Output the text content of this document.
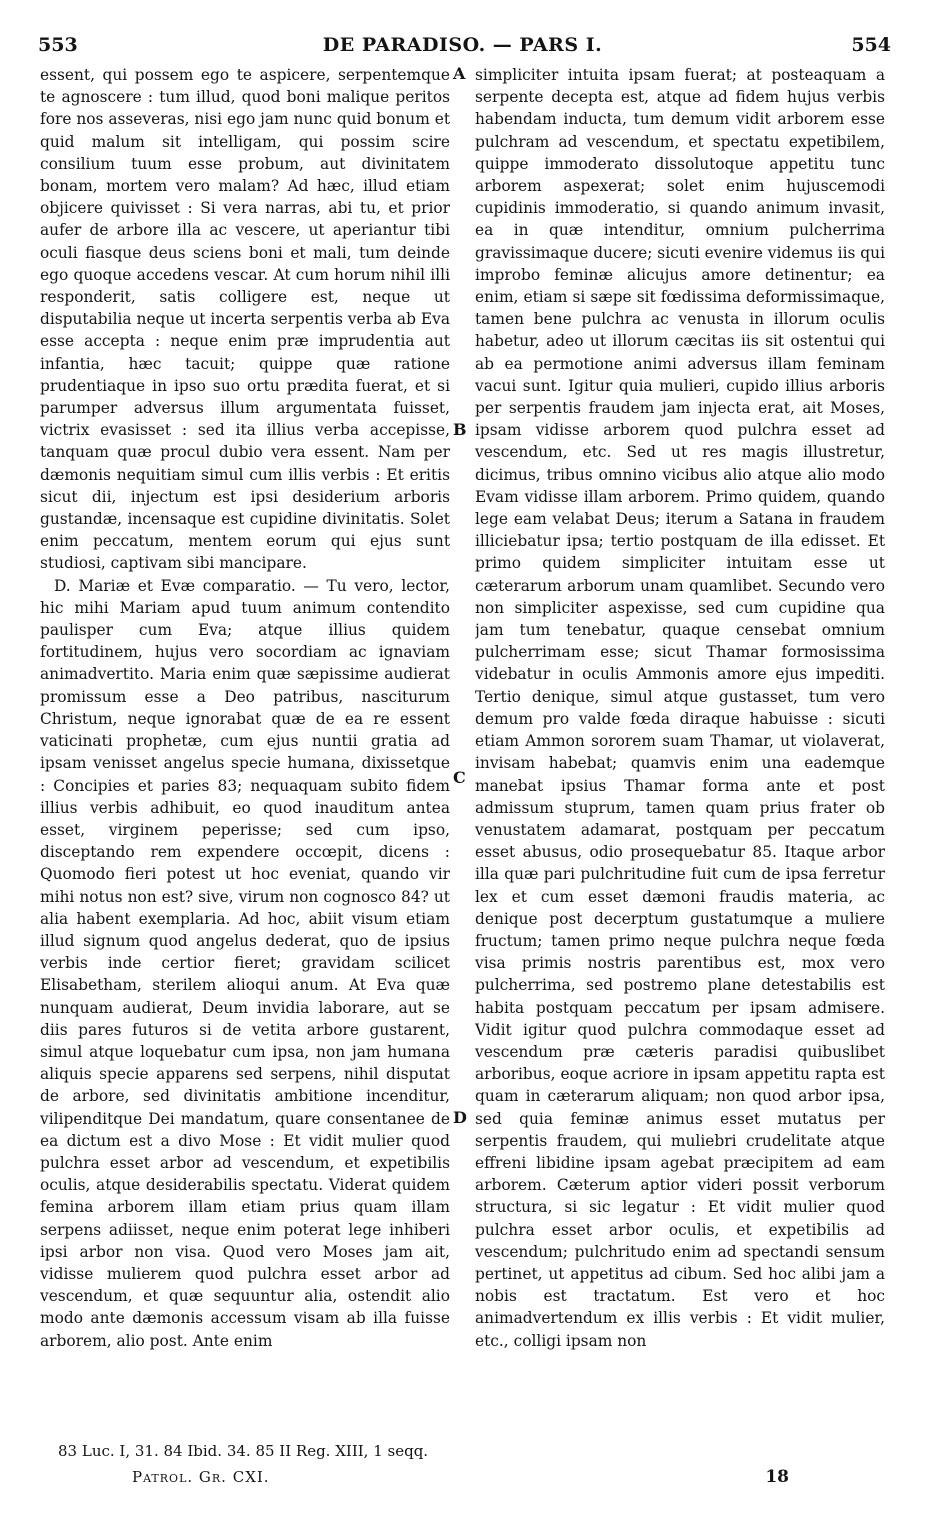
553	DE PARADISO. — PARS I.	554

essent, qui possem ego te aspicere, serpentemque te agnoscere : tum illud, quod boni malique peritos fore nos asseveras, nisi ego jam nunc quid bonum et quid malum sit intelligam, qui possim scire consilium tuum esse probum, aut divinitatem bonam, mortem vero malam? Ad hæc, illud etiam objicere quivisset : Si vera narras, abi tu, et prior aufer de arbore illa ac vescere, ut aperiantur tibi oculi fiasque deus sciens boni et mali, tum deinde ego quoque accedens vescar. At cum horum nihil illi responderit, satis colligere est, neque ut disputabilia neque ut incerta serpentis verba ab Eva esse accepta : neque enim præ imprudentia aut infantia, hæc tacuit; quippe quæ ratione prudentiaque in ipso suo ortu prædita fuerat, et si parumper adversus illum argumentata fuisset, victrix evasisset : sed ita illius verba accepisse, tanquam quæ procul dubio vera essent. Nam per dæmonis nequitiam simul cum illis verbis : Et eritis sicut dii, injectum est ipsi desiderium arboris gustandæ, incensaque est cupidine divinitatis. Solet enim peccatum, mentem eorum qui ejus sunt studiosi, captivam sibi mancipare.

D. Mariæ et Evæ comparatio. — Tu vero, lector, hic mihi Mariam apud tuum animum contendito paulisper cum Eva; atque illius quidem fortitudinem, hujus vero socordiam ac ignaviam animadvertito. Maria enim quæ sæpissime audierat promissum esse a Deo patribus, nasciturum Christum, neque ignorabat quæ de ea re essent vaticinati prophetæ, cum ejus nuntii gratia ad ipsam venisset angelus specie humana, dixissetque : Concipies et paries 83; nequaquam subito fidem illius verbis adhibuit, eo quod inauditum antea esset, virginem peperisse; sed cum ipso, disceptando rem expendere occœpit, dicens : Quomodo fieri potest ut hoc eveniat, quando vir mihi notus non est? sive, virum non cognosco 84? ut alia habent exemplaria. Ad hoc, abiit visum etiam illud signum quod angelus dederat, quo de ipsius verbis inde certior fieret; gravidam scilicet Elisabetham, sterilem alioqui anum. At Eva quæ nunquam audierat, Deum invidia laborare, aut se diis pares futuros si de vetita arbore gustarent, simul atque loquebatur cum ipsa, non jam humana aliquis specie apparens sed serpens, nihil disputat de arbore, sed divinitatis ambitione incenditur, vilipenditque Dei mandatum, quare consentanee de ea dictum est a divo Mose : Et vidit mulier quod pulchra esset arbor ad vescendum, et expetibilis oculis, atque desiderabilis spectatu. Viderat quidem femina arborem illam etiam prius quam illam serpens adiisset, neque enim poterat lege inhiberi ipsi arbor non visa. Quod vero Moses jam ait, vidisse mulierem quod pulchra esset arbor ad vescendum, et quæ sequuntur alia, ostendit alio modo ante dæmonis accessum visam ab illa fuisse arborem, alio post. Ante enim

A
B
C
D

simpliciter intuita ipsam fuerat; at posteaquam a serpente decepta est, atque ad fidem hujus verbis habendam inducta, tum demum vidit arborem esse pulchram ad vescendum, et spectatu expetibilem, quippe immoderato dissolutoque appetitu tunc arborem aspexerat; solet enim hujuscemodi cupidinis immoderatio, si quando animum invasit, ea in quæ intenditur, omnium pulcherrima gravissimaque ducere; sicuti evenire videmus iis qui improbo feminæ alicujus amore detinentur; ea enim, etiam si sæpe sit fœdissima deformissimaque, tamen bene pulchra ac venusta in illorum oculis habetur, adeo ut illorum cæcitas iis sit ostentui qui ab ea permotione animi adversus illam feminam vacui sunt. Igitur quia mulieri, cupido illius arboris per serpentis fraudem jam injecta erat, ait Moses, ipsam vidisse arborem quod pulchra esset ad vescendum, etc. Sed ut res magis illustretur, dicimus, tribus omnino vicibus alio atque alio modo Evam vidisse illam arborem. Primo quidem, quando lege eam velabat Deus; iterum a Satana in fraudem illiciebatur ipsa; tertio postquam de illa edisset. Et primo quidem simpliciter intuitam esse ut cæterarum arborum unam quamlibet. Secundo vero non simpliciter aspexisse, sed cum cupidine qua jam tum tenebatur, quaque censebat omnium pulcherrimam esse; sicut Thamar formosissima videbatur in oculis Ammonis amore ejus impediti. Tertio denique, simul atque gustasset, tum vero demum pro valde fœda diraque habuisse : sicuti etiam Ammon sororem suam Thamar, ut violaverat, invisam habebat; quamvis enim una eademque manebat ipsius Thamar forma ante et post admissum stuprum, tamen quam prius frater ob venustatem adamarat, postquam per peccatum esset abusus, odio prosequebatur 85. Itaque arbor illa quæ pari pulchritudine fuit cum de ipsa ferretur lex et cum esset dæmoni fraudis materia, ac denique post decerptum gustatumque a muliere fructum; tamen primo neque pulchra neque fœda visa primis nostris parentibus est, mox vero pulcherrima, sed postremo plane detestabilis est habita postquam peccatum per ipsam admisere. Vidit igitur quod pulchra commodaque esset ad vescendum præ cæteris paradisi quibuslibet arboribus, eoque acriore in ipsam appetitu rapta est quam in cæterarum aliquam; non quod arbor ipsa, sed quia feminæ animus esset mutatus per serpentis fraudem, qui muliebri crudelitate atque effreni libidine ipsam agebat præcipitem ad eam arborem. Cæterum aptior videri possit verborum structura, si sic legatur : Et vidit mulier quod pulchra esset arbor oculis, et expetibilis ad vescendum; pulchritudo enim ad spectandi sensum pertinet, ut appetitus ad cibum. Sed hoc alibi jam a nobis est tractatum. Est vero et hoc animadvertendum ex illis verbis : Et vidit mulier, etc., colligi ipsam non

83 Luc. I, 31. 84 Ibid. 34. 85 II Reg. XIII, 1 seqq.
Patrol. Gr. CXI.	18
